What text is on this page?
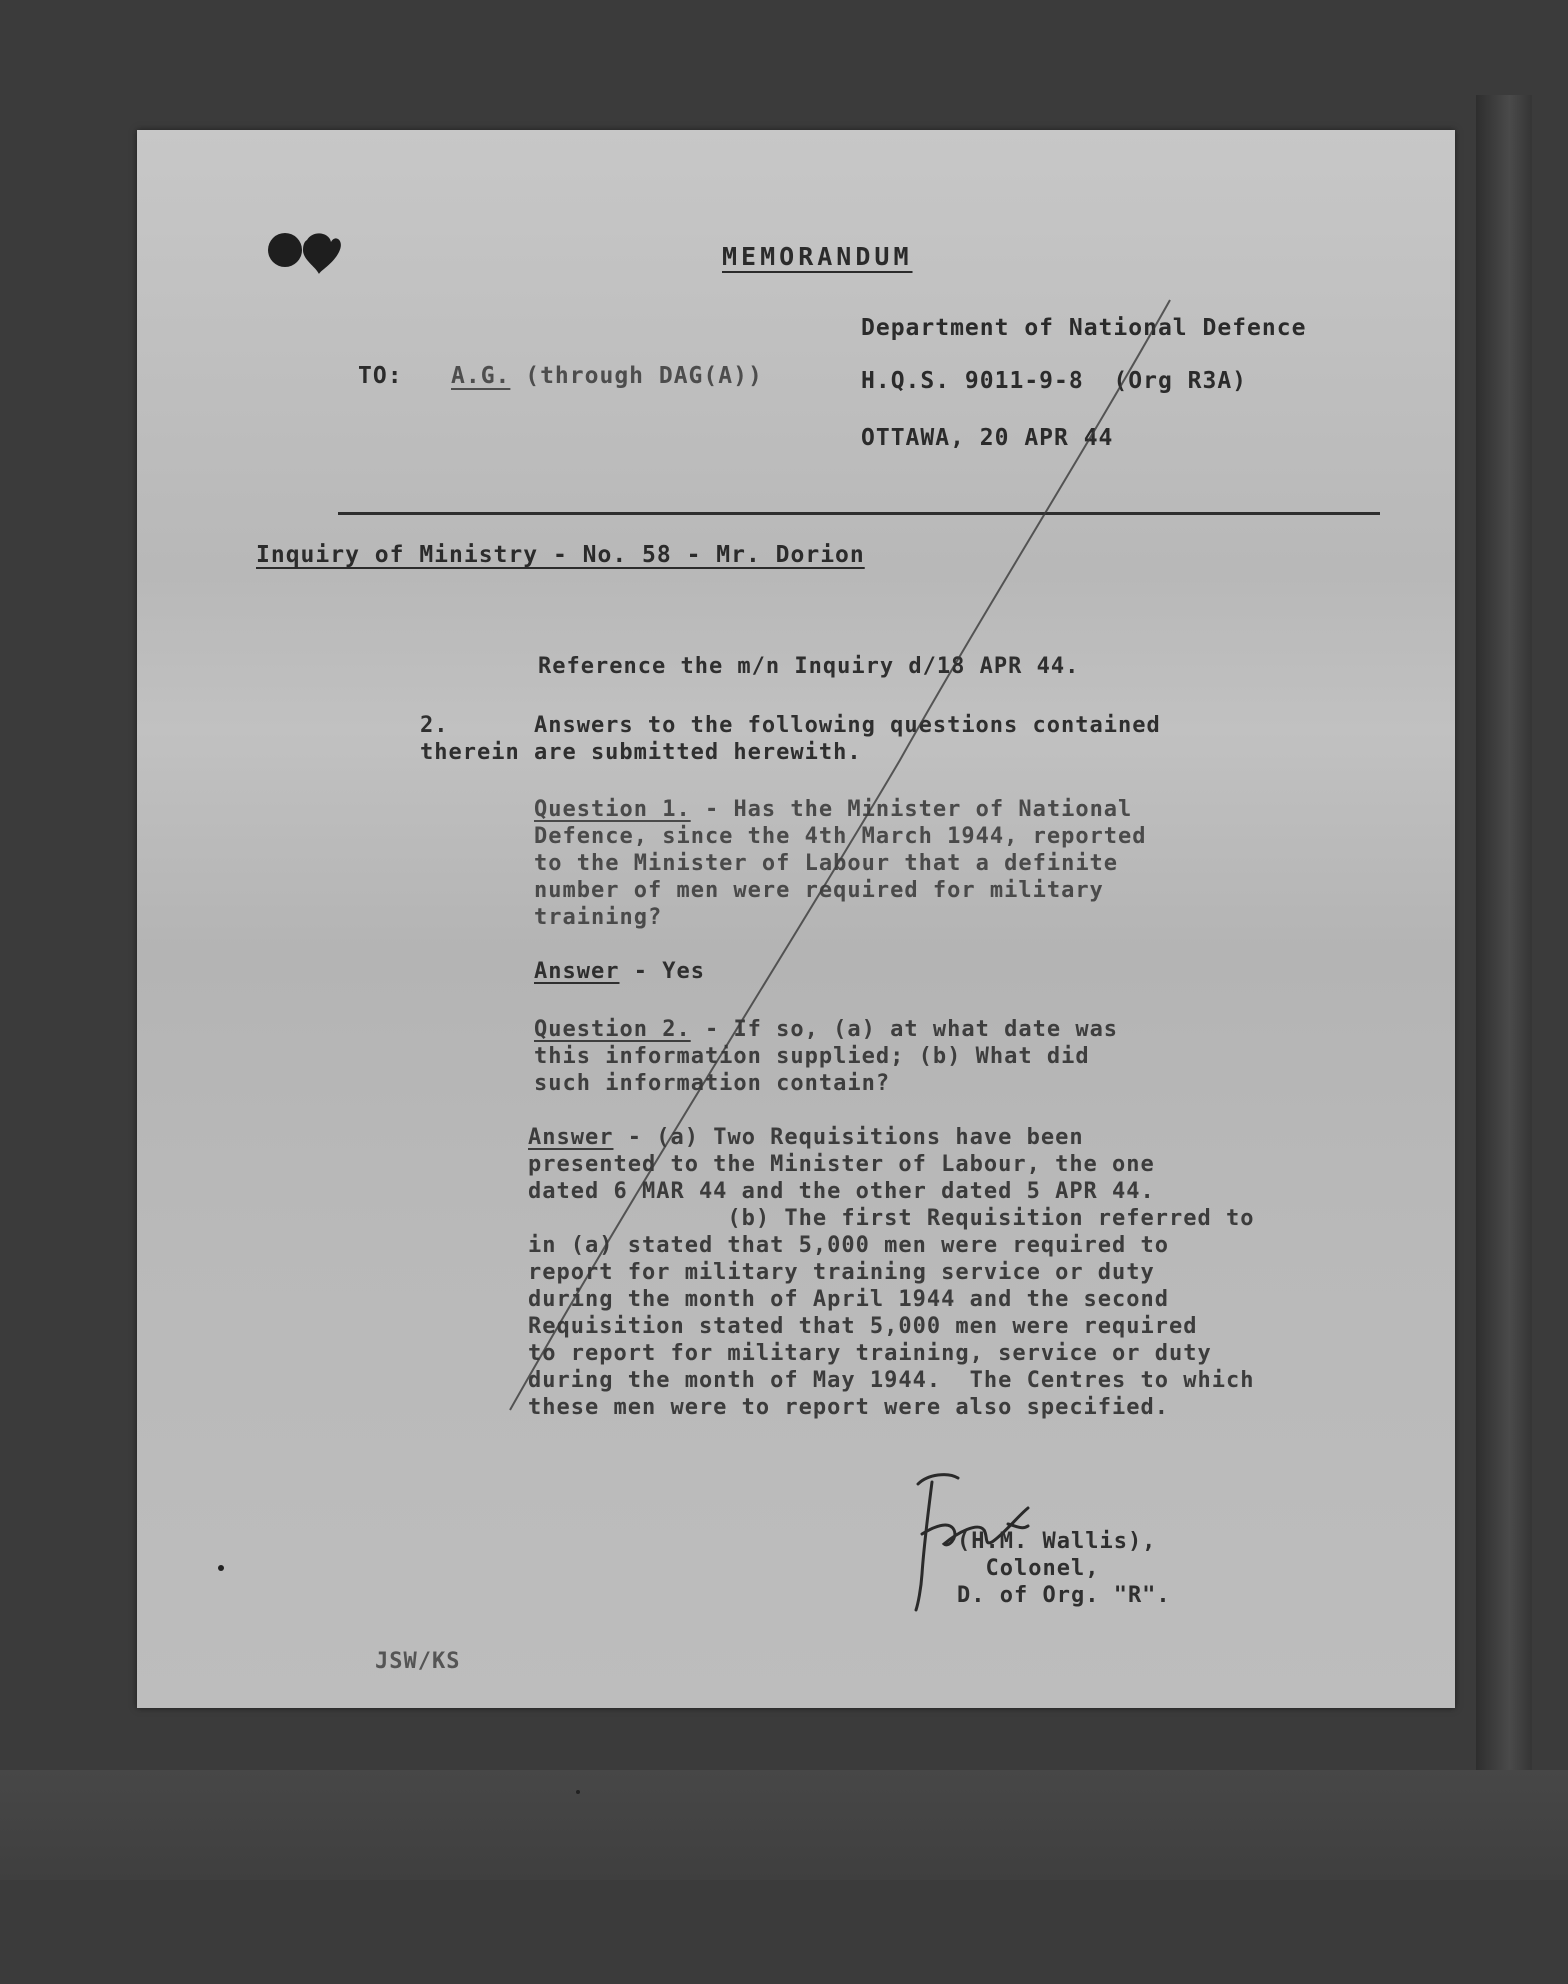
MEMORANDUM
Department of National Defence
TO: A.G. (through DAG(A))	H.Q.S. 9011-9-8  (Org R3A)
OTTAWA, 20 APR 44
Inquiry of Ministry - No. 58 - Mr. Dorion
Reference the m/n Inquiry d/18 APR 44.
2.      Answers to the following questions contained
therein are submitted herewith.
Question 1. - Has the Minister of National
Defence, since the 4th March 1944, reported
to the Minister of Labour that a definite
number of men were required for military
training?
Answer - Yes
Question 2. - If so, (a) at what date was
this information supplied; (b) What did
such information contain?
Answer - (a) Two Requisitions have been
presented to the Minister of Labour, the one
dated 6 MAR 44 and the other dated 5 APR 44.
(b) The first Requisition referred to
in (a) stated that 5,000 men were required to
report for military training service or duty
during the month of April 1944 and the second
Requisition stated that 5,000 men were required
to report for military training, service or duty
during the month of May 1944.  The Centres to which
these men were to report were also specified.
(H.M. Wallis),
Colonel,
D. of Org. "R".
JSW/KS
